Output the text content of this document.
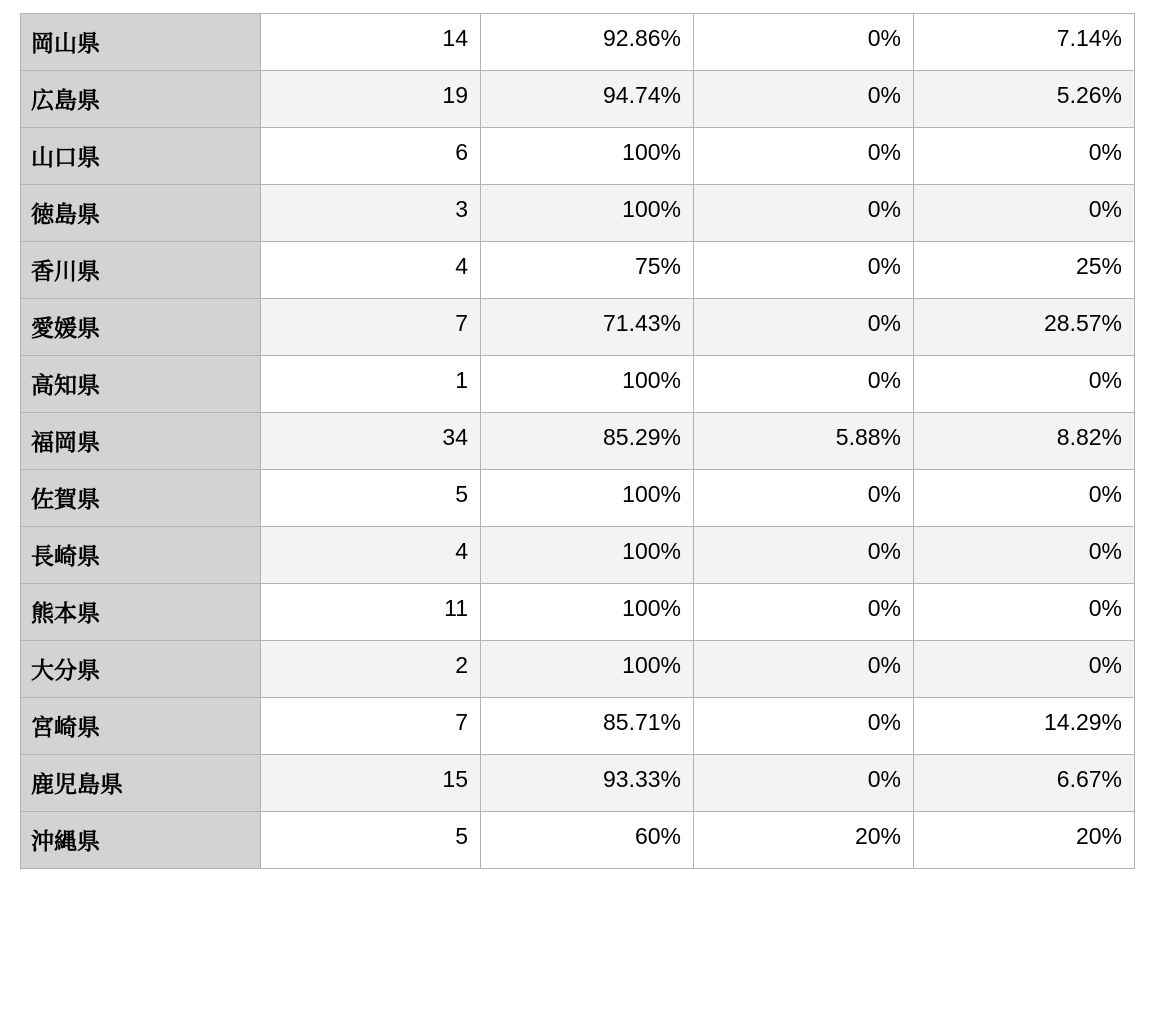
岡山県	14	92.86%	0%	7.14%
広島県	19	94.74%	0%	5.26%
山口県	6	100%	0%	0%
徳島県	3	100%	0%	0%
香川県	4	75%	0%	25%
愛媛県	7	71.43%	0%	28.57%
高知県	1	100%	0%	0%
福岡県	34	85.29%	5.88%	8.82%
佐賀県	5	100%	0%	0%
長崎県	4	100%	0%	0%
熊本県	11	100%	0%	0%
大分県	2	100%	0%	0%
宮崎県	7	85.71%	0%	14.29%
鹿児島県	15	93.33%	0%	6.67%
沖縄県	5	60%	20%	20%
